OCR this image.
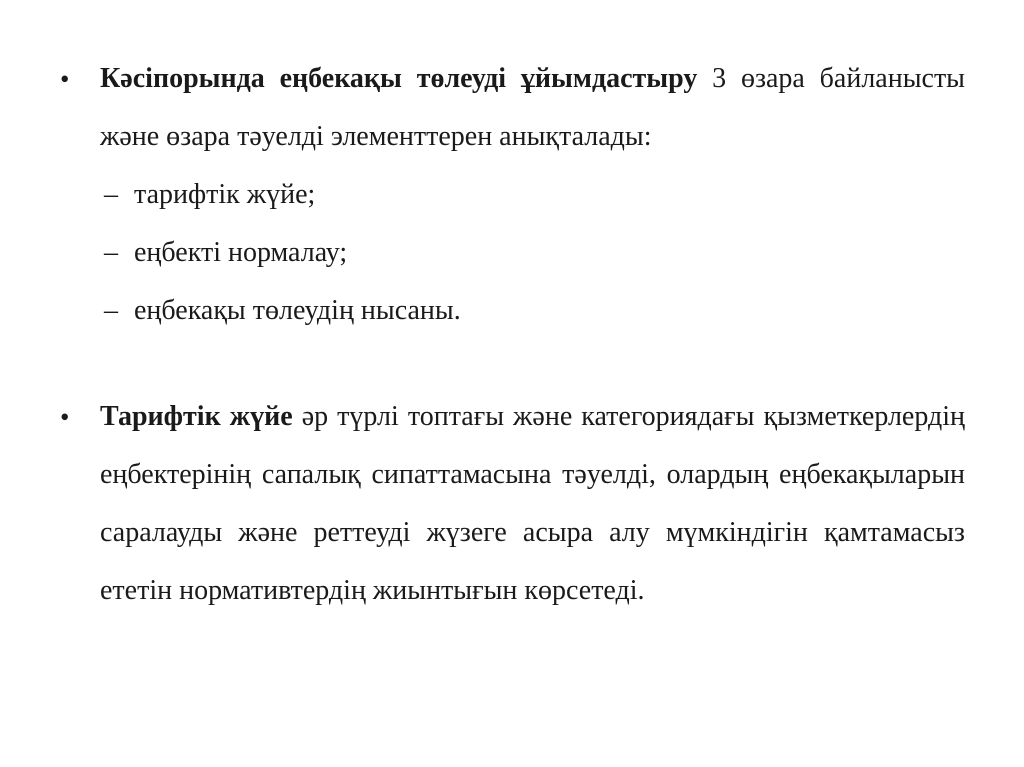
•	Кәсіпорында еңбекақы төлеуді ұйымдастыру 3 өзара байланысты және өзара тәуелді элементтерен анықталады:
– тарифтік жүйе;
– еңбекті нормалау;
– еңбекақы төлеудің нысаны.
•	Тарифтік жүйе әр түрлі топтағы және категориядағы қызметкерлердің еңбектерінің сапалық сипаттамасына тәуелді, олардың еңбекақыларын саралауды және реттеуді жүзеге асыра алу мүмкіндігін қамтамасыз ететін нормативтердің жиынтығын көрсетеді.
